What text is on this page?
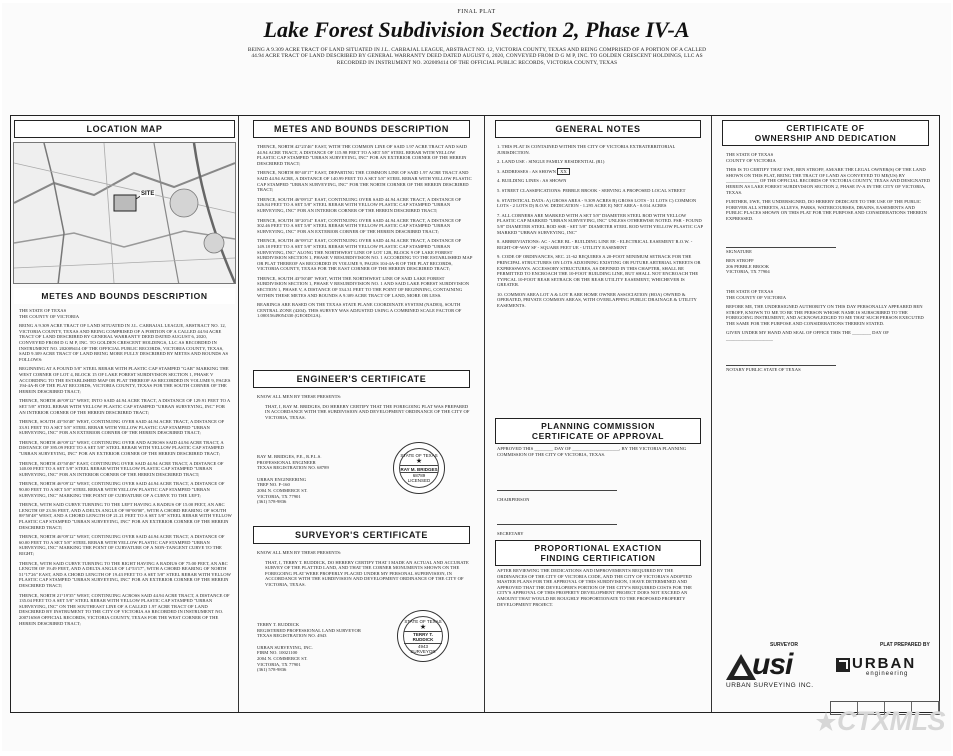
FINAL PLAT
Lake Forest Subdivision Section 2, Phase IV-A
BEING A 9.309 ACRE TRACT OF LAND SITUATED IN J.L. CARBAJAL LEAGUE, ABSTRACT NO. 12, VICTORIA COUNTY, TEXAS AND BEING COMPRISED OF A PORTION OF A CALLED 44.94 ACRE TRACT OF LAND DESCRIBED BY GENERAL WARRANTY DEED DATED AUGUST 6, 2020, CONVEYED FROM D G M P, INC. TO GOLDEN CRESCENT HOLDINGS, LLC AS RECORDED IN INSTRUMENT NO. 202009414 OF THE OFFICIAL PUBLIC RECORDS, VICTORIA COUNTY, TEXAS
LOCATION MAP
SITE
METES AND BOUNDS DESCRIPTION

THE STATE OF TEXAS

THE COUNTY OF VICTORIA

BEING A 9.309 ACRE TRACT OF LAND SITUATED IN J.L. CARBAJAL LEAGUE, ABSTRACT NO. 12, VICTORIA COUNTY, TEXAS AND BEING COMPRISED OF A PORTION OF A CALLED 44.94 ACRE TRACT OF LAND DESCRIBED BY GENERAL WARRANTY DEED DATED AUGUST 6, 2020, CONVEYED FROM D G M P, INC. TO GOLDEN CRESCENT HOLDINGS, LLC AS RECORDED IN INSTRUMENT NO. 202009414 OF THE OFFICIAL PUBLIC RECORDS, VICTORIA COUNTY, TEXAS, SAID 9.309 ACRE TRACT OF LAND BEING MORE FULLY DESCRIBED BY METES AND BOUNDS AS FOLLOWS:

BEGINNING AT A FOUND 5/8" STEEL REBAR WITH PLASTIC CAP STAMPED "GAR" MARKING THE WEST CORNER OF LOT 4, BLOCK 15 OF LAKE FOREST SUBDIVISION SECTION 1, PHASE V ACCORDING TO THE ESTABLISHED MAP OR PLAT THEREOF AS RECORDED IN VOLUME 9, PAGES 194-4A-B OF THE PLAT RECORDS, VICTORIA COUNTY, TEXAS FOR THE SOUTH CORNER OF THE HEREIN DESCRIBED TRACT;

THENCE, NORTH 46°09'12" WEST, INTO SAID 44.94 ACRE TRACT, A DISTANCE OF 129.91 FEET TO A SET 5/8" STEEL REBAR WITH YELLOW PLASTIC CAP STAMPED "URBAN SURVEYING, INC" FOR AN INTERIOR CORNER OF THE HEREIN DESCRIBED TRACT;

THENCE, SOUTH 43°50'48" WEST, CONTINUING OVER SAID 44.94 ACRE TRACT, A DISTANCE OF 33.91 FEET TO A SET 5/8" STEEL REBAR WITH YELLOW PLASTIC CAP STAMPED "URBAN SURVEYING, INC" FOR AN EXTERIOR CORNER OF THE HEREIN DESCRIBED TRACT;

THENCE, NORTH 46°09'12" WEST, CONTINUING OVER AND ACROSS SAID 44.94 ACRE TRACT, A DISTANCE OF 395.09 FEET TO A SET 5/8" STEEL REBAR WITH YELLOW PLASTIC CAP STAMPED "URBAN SURVEYING, INC" FOR AN EXTERIOR CORNER OF THE HEREIN DESCRIBED TRACT;

THENCE, NORTH 43°50'48" EAST, CONTINUING OVER SAID 44.94 ACRE TRACT, A DISTANCE OF 140.00 FEET TO A SET 5/8" STEEL REBAR WITH YELLOW PLASTIC CAP STAMPED "URBAN SURVEYING, INC" FOR AN INTERIOR CORNER OF THE HEREIN DESCRIBED TRACT;

THENCE, NORTH 46°09'12" WEST, CONTINUING OVER SAID 44.94 ACRE TRACT, A DISTANCE OF 90.00 FEET TO A SET 5/8" STEEL REBAR WITH YELLOW PLASTIC CAP STAMPED "URBAN SURVEYING, INC" MARKING THE POINT OF CURVATURE OF A CURVE TO THE LEFT;

THENCE, WITH SAID CURVE TURNING TO THE LEFT HAVING A RADIUS OF 15.00 FEET, AN ARC LENGTH OF 23.56 FEET, AND A DELTA ANGLE OF 90°00'00", WITH A CHORD BEARING OF SOUTH 88°50'48" WEST, AND A CHORD LENGTH OF 21.21 FEET TO A SET 5/8" STEEL REBAR WITH YELLOW PLASTIC CAP STAMPED "URBAN SURVEYING, INC" FOR AN EXTERIOR CORNER OF THE HEREIN DESCRIBED TRACT;

THENCE, NORTH 46°09'12" WEST, CONTINUING OVER SAID 44.94 ACRE TRACT, A DISTANCE OF 60.00 FEET TO A SET 5/8" STEEL REBAR WITH YELLOW PLASTIC CAP STAMPED "URBAN SURVEYING, INC" MARKING THE POINT OF CURVATURE OF A NON-TANGENT CURVE TO THE RIGHT;

THENCE, WITH SAID CURVE TURNING TO THE RIGHT HAVING A RADIUS OF 75.00 FEET, AN ARC LENGTH OF 19.49 FEET, AND A DELTA ANGLE OF 14°53'17", WITH A CHORD BEARING OF NORTH 51°17'26" EAST, AND A CHORD LENGTH OF 19.43 FEET TO A SET 5/8" STEEL REBAR WITH YELLOW PLASTIC CAP STAMPED "URBAN SURVEYING, INC" FOR AN EXTERIOR CORNER OF THE HEREIN DESCRIBED TRACT;

THENCE, NORTH 21°19'35" WEST, CONTINUING ACROSS SAID 44.94 ACRE TRACT, A DISTANCE OF 135.04 FEET TO A SET 5/8" STEEL REBAR WITH YELLOW PLASTIC CAP STAMPED "URBAN SURVEYING, INC" ON THE SOUTHEAST LINE OF A CALLED 1.97 ACRE TRACT OF LAND DESCRIBED BY INSTRUMENT TO THE CITY OF VICTORIA AS RECORDED IN INSTRUMENT NO. 200716569 OFFICIAL RECORDS, VICTORIA COUNTY, TEXAS FOR THE WEST CORNER OF THE HEREIN DESCRIBED TRACT;

METES AND BOUNDS DESCRIPTION

THENCE, NORTH 42°23'46" EAST, WITH THE COMMON LINE OF SAID 1.97 ACRE TRACT AND SAID 44.94 ACRE TRACT, A DISTANCE OF 115.98 FEET TO A SET 5/8" STEEL REBAR WITH YELLOW PLASTIC CAP STAMPED "URBAN SURVEYING, INC" FOR AN EXTERIOR CORNER OF THE HEREIN DESCRIBED TRACT;

THENCE, NORTH 80°40'17" EAST, DEPARTING THE COMMON LINE OF SAID 1.97 ACRE TRACT AND SAID 44.94 ACRE, A DISTANCE OF 140.99 FEET TO A SET 5/8" STEEL REBAR WITH YELLOW PLASTIC CAP STAMPED "URBAN SURVEYING, INC" FOR THE NORTH CORNER OF THE HEREIN DESCRIBED TRACT;

THENCE, SOUTH 46°09'12" EAST, CONTINUING OVER SAID 44.94 ACRE TRACT, A DISTANCE OF 326.84 FEET TO A SET 5/8" STEEL REBAR WITH YELLOW PLASTIC CAP STAMPED "URBAN SURVEYING, INC" FOR AN INTERIOR CORNER OF THE HEREIN DESCRIBED TRACT;

THENCE, SOUTH 30°20'14" EAST, CONTINUING OVER SAID 44.94 ACRE TRACT, A DISTANCE OF 302.46 FEET TO A SET 5/8" STEEL REBAR WITH YELLOW PLASTIC CAP STAMPED "URBAN SURVEYING, INC" FOR AN EXTERIOR CORNER OF THE HEREIN DESCRIBED TRACT;

THENCE, SOUTH 46°09'12" EAST, CONTINUING OVER SAID 44.94 ACRE TRACT, A DISTANCE OF 149.18 FEET TO A SET 5/8" STEEL REBAR WITH YELLOW PLASTIC CAP STAMPED "URBAN SURVEYING, INC" ALONG THE NORTHWEST LINE OF LOT 12B, BLOCK 9 OF LAKE FOREST SUBDIVISION SECTION 1, PHASE V RESUBDIVISION NO. 1 ACCORDING TO THE ESTABLISHED MAP OR PLAT THEREOF AS RECORDED IN VOLUME 9, PAGES 104-4A-B OF THE PLAT RECORDS, VICTORIA COUNTY, TEXAS FOR THE EAST CORNER OF THE HEREIN DESCRIBED TRACT;

THENCE, SOUTH 43°50'48" WEST, WITH THE NORTHWEST LINE OF SAID LAKE FOREST SUBDIVISION SECTION 1, PHASE V RESUBDIVISION NO. 1 AND SAID LAKE FOREST SUBDIVISION SECTION 1, PHASE V, A DISTANCE OF 534.31 FEET TO THE POINT OF BEGINNING, CONTAINING WITHIN THESE METES AND BOUNDS A 9.309 ACRE TRACT OF LAND, MORE OR LESS.

BEARINGS ARE BASED ON THE TEXAS STATE PLANE COORDINATE SYSTEM (NAD83), SOUTH CENTRAL ZONE (4204). THIS SURVEY WAS ADJUSTED USING A COMBINED SCALE FACTOR OF 1.00015649054330 (GEOID12A).

ENGINEER'S CERTIFICATE

KNOW ALL MEN BY THESE PRESENTS:

THAT, I, RAY M. BRIDGES, DO HEREBY CERTIFY THAT THE FOREGOING PLAT WAS PREPARED IN ACCORDANCE WITH THE SUBDIVISION AND DEVELOPMENT ORDINANCE OF THE CITY OF VICTORIA, TEXAS.

RAY M. BRIDGES, P.E., R.P.L.S.
PROFESSIONAL ENGINEER
TEXAS REGISTRATION NO. 68789
URBAN ENGINEERING
TBEP NO. F-160
2004 N. COMMERCE ST.
VICTORIA, TX 77901
(361) 578-9836
STATE OF TEXAS
★
RAY M. BRIDGES
68789
LICENSED
SURVEYOR'S CERTIFICATE

KNOW ALL MEN BY THESE PRESENTS:

THAT, I, TERRY T. RUDDICK, DO HEREBY CERTIFY THAT I MADE AN ACTUAL AND ACCURATE SURVEY OF THE PLATTED LAND, AND THAT THE CORNER MONUMENTS SHOWN ON THE FOREGOING PLAT WERE PROPERLY PLACED UNDER MY PERSONAL SUPERVISION, IN ACCORDANCE WITH THE SUBDIVISION AND DEVELOPMENT ORDINANCE OF THE CITY OF VICTORIA, TEXAS.

TERRY T. RUDDICK
REGISTERED PROFESSIONAL LAND SURVEYOR
TEXAS REGISTRATION NO. 4943
URBAN SURVEYING, INC.
FIRM NO. 10021100
2004 N. COMMERCE ST.
VICTORIA, TX 77901
(361) 578-9836
STATE OF TEXAS
★
TERRY T. RUDDICK
4943
SURVEYOR
GENERAL NOTES

1. THIS PLAT IS CONTAINED WITHIN THE CITY OF VICTORIA EXTRATERRITORIAL JURISDICTION.

2. LAND USE : SINGLE FAMILY RESIDENTIAL (R1)

3. ADDRESSES : AS SHOWN XX

4. BUILDING LINES : AS SHOWN

5. STREET CLASSIFICATIONS: PEBBLE BROOK - SERVING A PROPOSED LOCAL STREET

6. STATISTICAL DATA: A) GROSS AREA - 9.309 ACRES B) GROSS LOTS - 31 LOTS C) COMMON LOTS - 2 LOTS D) R.O.W. DEDICATION - 1.295 ACRE E) NET AREA - 8.014 ACRES

7. ALL CORNERS ARE MARKED WITH A SET 5/8" DIAMETER STEEL ROD WITH YELLOW PLASTIC CAP MARKED "URBAN SURVEYING, INC" UNLESS OTHERWISE NOTED. FSR - FOUND 5/8" DIAMETER STEEL ROD SSR - SET 5/8" DIAMETER STEEL ROD WITH YELLOW PLASTIC CAP MARKED "URBAN SURVEYING, INC"

8. ABBREVIATIONS: AC - ACRE BL - BUILDING LINE EE - ELECTRICAL EASEMENT R.O.W. - RIGHT-OF-WAY SF - SQUARE FEET UE - UTILITY EASEMENT

9. CODE OF ORDINANCES, SEC. 21-62 REQUIRES A 20-FOOT MINIMUM SETBACK FOR THE PRINCIPAL STRUCTURES ON LOTS ADJOINING EXISTING OR FUTURE ARTERIAL STREETS OR EXPRESSWAYS. ACCESSORY STRUCTURES, AS DEFINED IN THIS CHAPTER, SHALL BE PERMITTED TO ENCROACH THE 10-FOOT BUILDING LINE, BUT SHALL NOT ENCROACH THE TYPICAL 10-FOOT REAR SETBACK OR THE REAR UTILITY EASEMENT, WHICHEVER IS GREATER.

10. COMMON AREA LOT A & LOT B ARE HOME OWNER ASSOCIATION (HOA) OWNED & OPERATED, PRIVATE COMMON AREAS, WITH OVERLAPPING PUBLIC DRAINAGE & UTILITY EASEMENTS.

PLANNING COMMISSION
CERTIFICATE OF APPROVAL

APPROVED THIS ________ DAY OF ____________________, BY THE VICTORIA PLANNING COMMISSION OF THE CITY OF VICTORIA, TEXAS.

CHAIRPERSON

SECRETARY

PROPORTIONAL EXACTION
FINDING CERTIFICATION

AFTER REVIEWING THE DEDICATIONS AND IMPROVEMENTS REQUIRED BY THE ORDINANCES OF THE CITY OF VICTORIA CODE, AND THE CITY OF VICTORIA'S ADOPTED MASTER PLANS FOR THE APPROVAL OF THIS SUBDIVISION, I HAVE DETERMINED AND APPROVED THAT THE DEVELOPER'S PORTION OF THE CITY'S REQUIRED COSTS FOR THE CITY'S APPROVAL OF THIS PROPERTY DEVELOPMENT PROJECT DOES NOT EXCEED AN AMOUNT THAT WOULD BE ROUGHLY PROPORTIONATE TO THE PROPOSED PROPERTY DEVELOPMENT PROJECT.

CERTIFICATE OF
OWNERSHIP AND DEDICATION

THE STATE OF TEXAS

COUNTY OF VICTORIA

THIS IS TO CERTIFY THAT I/WE, BEN STROFF, AM/ARE THE LEGAL OWNER(S) OF THE LAND SHOWN ON THIS PLAT, BEING THE TRACT OF LAND AS CONVEYED TO ME(US) BY ______________ OF THE OFFICIAL RECORDS OF VICTORIA COUNTY, TEXAS AND DESIGNATED HEREIN AS LAKE FOREST SUBDIVISION SECTION 2, PHASE IV-A IN THE CITY OF VICTORIA, TEXAS.

FURTHER, I/WE, THE UNDERSIGNED, DO HEREBY DEDICATE TO THE USE OF THE PUBLIC FOREVER ALL STREETS, ALLEYS, PARKS, WATERCOURSES, DRAINS, EASEMENTS AND PUBLIC PLACES SHOWN ON THIS PLAT FOR THE PURPOSE AND CONSIDERATIONS THEREIN EXPRESSED.

SIGNATURE

BEN STROFF
206 PEBBLE BROOK
VICTORIA, TX 77904

THE STATE OF TEXAS

THE COUNTY OF VICTORIA

BEFORE ME, THE UNDERSIGNED AUTHORITY ON THIS DAY PERSONALLY APPEARED BEN STROFF, KNOWN TO ME TO BE THE PERSON WHOSE NAME IS SUBSCRIBED TO THE FOREGOING INSTRUMENT, AND ACKNOWLEDGED TO ME THAT SUCH PERSON EXECUTED THE SAME FOR THE PURPOSE AND CONSIDERATIONS THEREIN STATED.

GIVEN UNDER MY HAND AND SEAL OF OFFICE THIS THE ________ DAY OF ____________________

NOTARY PUBLIC STATE OF TEXAS

SURVEYOR	PLAT PREPARED BY
usi
URBAN SURVEYING INC.
URBAN
engineering
CTXMLS
